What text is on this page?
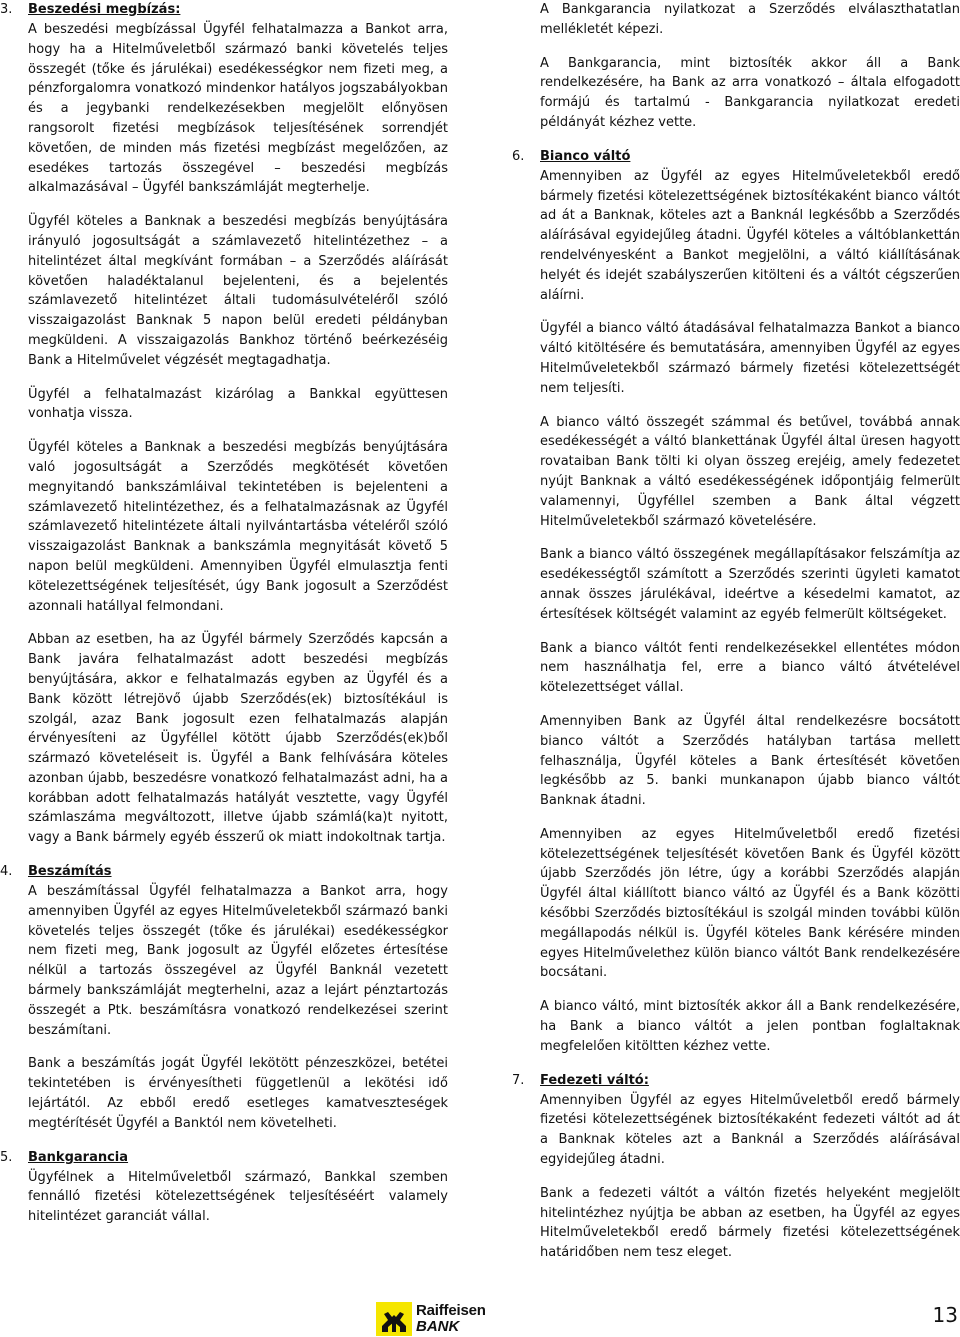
3. Beszedési megbízás:

A beszedési megbízással Ügyfél felhatalmazza a Bankot arra, hogy ha a Hitelműveletből származó banki követelés teljes összegét (tőke és járulékai) esedékességkor nem fizeti meg, a pénzforgalomra vonatkozó mindenkor hatályos jogszabályokban és a jegybanki rendelkezésekben megjelölt előnyösen rangsorolt fizetési megbízások teljesítésének sorrendjét követően, de minden más fizetési megbízást megelőzően, az esedékes tartozás összegével – beszedési megbízás alkalmazásával – Ügyfél bankszámláját megterhelje.

Ügyfél köteles a Banknak a beszedési megbízás benyújtására irányuló jogosultságát a számlavezető hitelintézethez – a hitelintézet által megkívánt formában – a Szerződés aláírását követően haladéktalanul bejelenteni, és a bejelentés számlavezető hitelintézet általi tudomásulvételéről szóló visszaigazolást Banknak 5 napon belül eredeti példányban megküldeni. A visszaigazolás Bankhoz történő beérkezéséig Bank a Hitelművelet végzését megtagadhatja.

Ügyfél a felhatalmazást kizárólag a Bankkal együttesen vonhatja vissza.

Ügyfél köteles a Banknak a beszedési megbízás benyújtására való jogosultságát a Szerződés megkötését követően megnyitandó bankszámláival tekintetében is bejelenteni a számlavezető hitelintézethez, és a felhatalmazásnak az Ügyfél számlavezető hitelintézete általi nyilvántartásba vételéről szóló visszaigazolást Banknak a bankszámla megnyitását követő 5 napon belül megküldeni. Amennyiben Ügyfél elmulasztja fenti kötelezettségének teljesítését, úgy Bank jogosult a Szerződést azonnali hatállyal felmondani.

Abban az esetben, ha az Ügyfél bármely Szerződés kapcsán a Bank javára felhatalmazást adott beszedési megbízás benyújtására, akkor e felhatalmazás egyben az Ügyfél és a Bank között létrejövő újabb Szerződés(ek) biztosítékául is szolgál, azaz Bank jogosult ezen felhatalmazás alapján érvényesíteni az Ügyféllel kötött újabb Szerződés(ek)ből származó követeléseit is. Ügyfél a Bank felhívására köteles azonban újabb, beszedésre vonatkozó felhatalmazást adni, ha a korábban adott felhatalmazás hatályát vesztette, vagy Ügyfél számlaszáma megváltozott, illetve újabb számlá(ka)t nyitott, vagy a Bank bármely egyéb ésszerű ok miatt indokoltnak tartja.

4. Beszámítás

A beszámítással Ügyfél felhatalmazza a Bankot arra, hogy amennyiben Ügyfél az egyes Hitelműveletekből származó banki követelés teljes összegét (tőke és járulékai) esedékességkor nem fizeti meg, Bank jogosult az Ügyfél előzetes értesítése nélkül a tartozás összegével az Ügyfél Banknál vezetett bármely bankszámláját megterhelni, azaz a lejárt pénztartozás összegét a Ptk. beszámításra vonatkozó rendelkezései szerint beszámítani.

Bank a beszámítás jogát Ügyfél lekötött pénzeszközei, betétei tekintetében is érvényesítheti függetlenül a lekötési idő lejártától. Az ebből eredő esetleges kamatveszteségek megtérítését Ügyfél a Banktól nem követelheti.

5. Bankgarancia

Ügyfélnek a Hitelműveletből származó, Bankkal szemben fennálló fizetési kötelezettségének teljesítéséért valamely hitelintézet garanciát vállal.

A Bankgarancia nyilatkozat a Szerződés elválaszthatatlan mellékletét képezi.

A Bankgarancia, mint biztosíték akkor áll a Bank rendelkezésére, ha Bank az arra vonatkozó – általa elfogadott formájú és tartalmú - Bankgarancia nyilatkozat eredeti példányát kézhez vette.

6. Bianco váltó

Amennyiben az Ügyfél az egyes Hitelműveletekből eredő bármely fizetési kötelezettségének biztosítékaként bianco váltót ad át a Banknak, köteles azt a Banknál legkésőbb a Szerződés aláírásával egyidejűleg átadni. Ügyfél köteles a váltóblankettán rendelvényesként a Bankot megjelölni, a váltó kiállításának helyét és idejét szabályszerűen kitölteni és a váltót cégszerűen aláírni.

Ügyfél a bianco váltó átadásával felhatalmazza Bankot a bianco váltó kitöltésére és bemutatására, amennyiben Ügyfél az egyes Hitelműveletekből származó bármely fizetési kötelezettségét nem teljesíti.

A bianco váltó összegét számmal és betűvel, továbbá annak esedékességét a váltó blankettának Ügyfél által üresen hagyott rovataiban Bank tölti ki olyan összeg erejéig, amely fedezetet nyújt Banknak a váltó esedékességének időpontjáig felmerült valamennyi, Ügyféllel szemben a Bank által végzett Hitelműveletekből származó követelésére.

Bank a bianco váltó összegének megállapításakor felszámítja az esedékességtől számított a Szerződés szerinti ügyleti kamatot annak összes járulékával, ideértve a késedelmi kamatot, az értesítések költségét valamint az egyéb felmerült költségeket.

Bank a bianco váltót fenti rendelkezésekkel ellentétes módon nem használhatja fel, erre a bianco váltó átvételével kötelezettséget vállal.

Amennyiben Bank az Ügyfél által rendelkezésre bocsátott bianco váltót a Szerződés hatályban tartása mellett felhasználja, Ügyfél köteles a Bank értesítését követően legkésőbb az 5. banki munkanapon újabb bianco váltót Banknak átadni.

Amennyiben az egyes Hitelműveletből eredő fizetési kötelezettségének teljesítését követően Bank és Ügyfél között újabb Szerződés jön létre, úgy a korábbi Szerződés alapján Ügyfél által kiállított bianco váltó az Ügyfél és a Bank közötti későbbi Szerződés biztosítékául is szolgál minden további külön megállapodás nélkül is. Ügyfél köteles Bank kérésére minden egyes Hitelművelethez külön bianco váltót Bank rendelkezésére bocsátani.

A bianco váltó, mint biztosíték akkor áll a Bank rendelkezésére, ha Bank a bianco váltót a jelen pontban foglaltaknak megfelelően kitöltten kézhez vette.

7. Fedezeti váltó:

Amennyiben Ügyfél az egyes Hitelműveletből eredő bármely fizetési kötelezettségének biztosítékaként fedezeti váltót ad át a Banknak köteles azt a Banknál a Szerződés aláírásával egyidejűleg átadni.

Bank a fedezeti váltót a váltón fizetés helyeként megjelölt hitelintézhez nyújtja be abban az esetben, ha Ügyfél az egyes Hitelműveletekből eredő bármely fizetési kötelezettségének határidőben nem tesz eleget.

Raiffeisen
BANK	13
